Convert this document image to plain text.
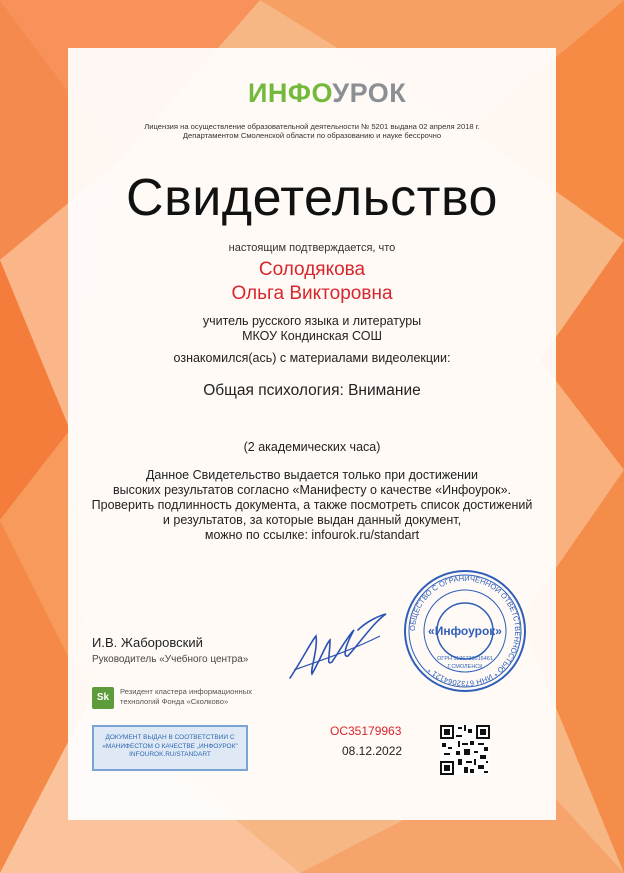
ИНФОУРОК
Лицензия на осуществление образовательной деятельности № 5201 выдана 02 апреля 2018 г.
Департаментом Смоленской области по образованию и науке бессрочно
Свидетельство
настоящим подтверждается, что
Солодякова
Ольга Викторовна
учитель русского языка и литературы
МКОУ Кондинская СОШ
ознакомился(ась) с материалами видеолекции:
Общая психология: Внимание
(2 академических часа)
Данное Свидетельство выдается только при достижении
высоких результатов согласно «Манифесту о качестве «Инфоурок».
Проверить подлинность документа, а также посмотреть список достижений
и результатов, за которые выдан данный документ,
можно по ссылке: infourok.ru/standart
И.В. Жаборовский
Руководитель «Учебного центра»
ОБЩЕСТВО С ОГРАНИЧЕННОЙ ОТВЕТСТВЕННОСТЬЮ * ИНН 6732064121 *
«Инфоурок»
ОГРН 1136733016461
Г.СМОЛЕНСК
Sk
Резидент кластера информационных
технологий Фонда «Сколково»
ДОКУМЕНТ ВЫДАН В СООТВЕТСТВИИ С
«МАНИФЕСТОМ О КАЧЕСТВЕ „ИНФОУРОК"
INFOUROK.RU/STANDART
ОС35179963
08.12.2022
